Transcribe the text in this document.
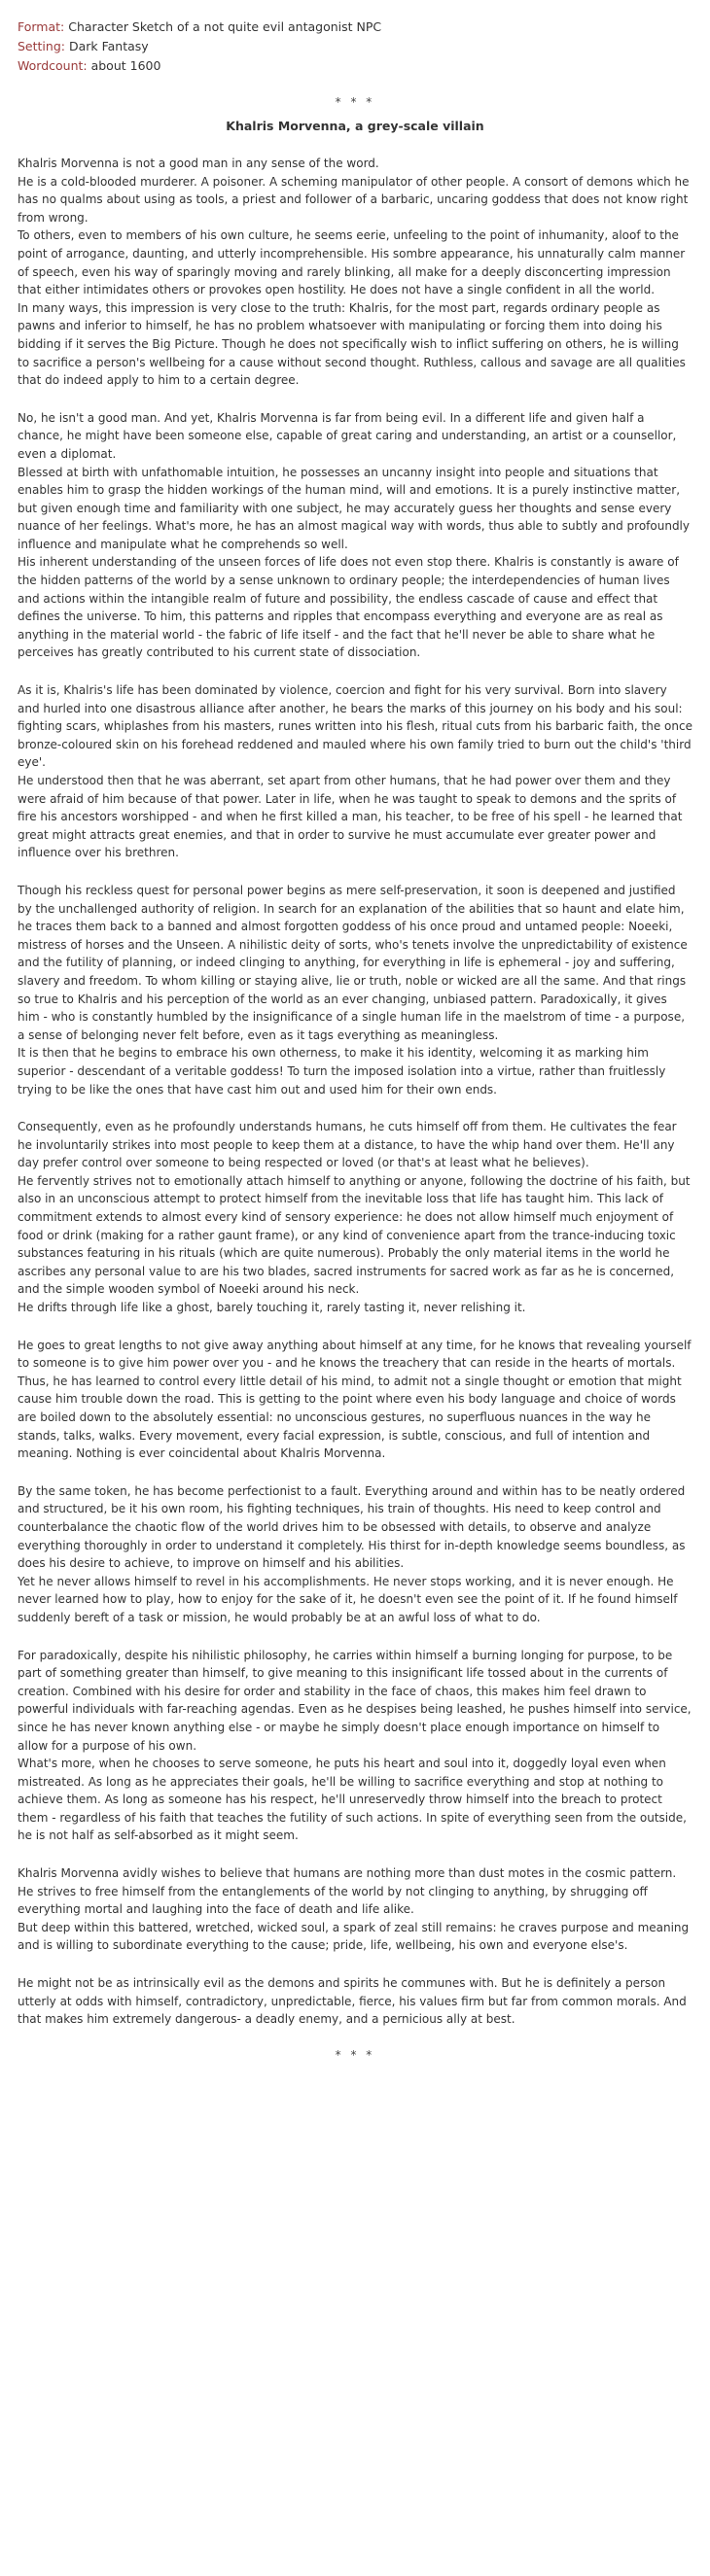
Format: Character Sketch of a not quite evil antagonist NPC
Setting: Dark Fantasy
Wordcount: about 1600
* * *
Khalris Morvenna, a grey-scale villain

Khalris Morvenna is not a good man in any sense of the word.

He is a cold-blooded murderer. A poisoner. A scheming manipulator of other people. A consort of demons which he has no qualms about using as tools, a priest and follower of a barbaric, uncaring goddess that does not know right from wrong.

To others, even to members of his own culture, he seems eerie, unfeeling to the point of inhumanity, aloof to the point of arrogance, daunting, and utterly incomprehensible. His sombre appearance, his unnaturally calm manner of speech, even his way of sparingly moving and rarely blinking, all make for a deeply disconcerting impression that either intimidates others or provokes open hostility. He does not have a single confident in all the world.

In many ways, this impression is very close to the truth: Khalris, for the most part, regards ordinary people as pawns and inferior to himself, he has no problem whatsoever with manipulating or forcing them into doing his bidding if it serves the Big Picture. Though he does not specifically wish to inflict suffering on others, he is willing to sacrifice a person's wellbeing for a cause without second thought. Ruthless, callous and savage are all qualities that do indeed apply to him to a certain degree.

No, he isn't a good man. And yet, Khalris Morvenna is far from being evil. In a different life and given half a chance, he might have been someone else, capable of great caring and understanding, an artist or a counsellor, even a diplomat.

Blessed at birth with unfathomable intuition, he possesses an uncanny insight into people and situations that enables him to grasp the hidden workings of the human mind, will and emotions. It is a purely instinctive matter, but given enough time and familiarity with one subject, he may accurately guess her thoughts and sense every nuance of her feelings. What's more, he has an almost magical way with words, thus able to subtly and profoundly influence and manipulate what he comprehends so well.

His inherent understanding of the unseen forces of life does not even stop there. Khalris is constantly is aware of the hidden patterns of the world by a sense unknown to ordinary people; the interdependencies of human lives and actions within the intangible realm of future and possibility, the endless cascade of cause and effect that defines the universe. To him, this patterns and ripples that encompass everything and everyone are as real as anything in the material world - the fabric of life itself - and the fact that he'll never be able to share what he perceives has greatly contributed to his current state of dissociation.

As it is, Khalris's life has been dominated by violence, coercion and fight for his very survival. Born into slavery and hurled into one disastrous alliance after another, he bears the marks of this journey on his body and his soul: fighting scars, whiplashes from his masters, runes written into his flesh, ritual cuts from his barbaric faith, the once bronze-coloured skin on his forehead reddened and mauled where his own family tried to burn out the child's 'third eye'.

He understood then that he was aberrant, set apart from other humans, that he had power over them and they were afraid of him because of that power. Later in life, when he was taught to speak to demons and the sprits of fire his ancestors worshipped - and when he first killed a man, his teacher, to be free of his spell - he learned that great might attracts great enemies, and that in order to survive he must accumulate ever greater power and influence over his brethren.

Though his reckless quest for personal power begins as mere self-preservation, it soon is deepened and justified by the unchallenged authority of religion. In search for an explanation of the abilities that so haunt and elate him, he traces them back to a banned and almost forgotten goddess of his once proud and untamed people: Noeeki, mistress of horses and the Unseen. A nihilistic deity of sorts, who's tenets involve the unpredictability of existence and the futility of planning, or indeed clinging to anything, for everything in life is ephemeral - joy and suffering, slavery and freedom. To whom killing or staying alive, lie or truth, noble or wicked are all the same. And that rings so true to Khalris and his perception of the world as an ever changing, unbiased pattern. Paradoxically, it gives him - who is constantly humbled by the insignificance of a single human life in the maelstrom of time - a purpose, a sense of belonging never felt before, even as it tags everything as meaningless.

It is then that he begins to embrace his own otherness, to make it his identity, welcoming it as marking him superior - descendant of a veritable goddess! To turn the imposed isolation into a virtue, rather than fruitlessly trying to be like the ones that have cast him out and used him for their own ends.

Consequently, even as he profoundly understands humans, he cuts himself off from them. He cultivates the fear he involuntarily strikes into most people to keep them at a distance, to have the whip hand over them. He'll any day prefer control over someone to being respected or loved (or that's at least what he believes).

He fervently strives not to emotionally attach himself to anything or anyone, following the doctrine of his faith, but also in an unconscious attempt to protect himself from the inevitable loss that life has taught him. This lack of commitment extends to almost every kind of sensory experience: he does not allow himself much enjoyment of food or drink (making for a rather gaunt frame), or any kind of convenience apart from the trance-inducing toxic substances featuring in his rituals (which are quite numerous). Probably the only material items in the world he ascribes any personal value to are his two blades, sacred instruments for sacred work as far as he is concerned, and the simple wooden symbol of Noeeki around his neck.

He drifts through life like a ghost, barely touching it, rarely tasting it, never relishing it.

He goes to great lengths to not give away anything about himself at any time, for he knows that revealing yourself to someone is to give him power over you - and he knows the treachery that can reside in the hearts of mortals. Thus, he has learned to control every little detail of his mind, to admit not a single thought or emotion that might cause him trouble down the road. This is getting to the point where even his body language and choice of words are boiled down to the absolutely essential: no unconscious gestures, no superfluous nuances in the way he stands, talks, walks. Every movement, every facial expression, is subtle, conscious, and full of intention and meaning. Nothing is ever coincidental about Khalris Morvenna.

By the same token, he has become perfectionist to a fault. Everything around and within has to be neatly ordered and structured, be it his own room, his fighting techniques, his train of thoughts. His need to keep control and counterbalance the chaotic flow of the world drives him to be obsessed with details, to observe and analyze everything thoroughly in order to understand it completely. His thirst for in-depth knowledge seems boundless, as does his desire to achieve, to improve on himself and his abilities.

Yet he never allows himself to revel in his accomplishments. He never stops working, and it is never enough. He never learned how to play, how to enjoy for the sake of it, he doesn't even see the point of it. If he found himself suddenly bereft of a task or mission, he would probably be at an awful loss of what to do.

For paradoxically, despite his nihilistic philosophy, he carries within himself a burning longing for purpose, to be part of something greater than himself, to give meaning to this insignificant life tossed about in the currents of creation. Combined with his desire for order and stability in the face of chaos, this makes him feel drawn to powerful individuals with far-reaching agendas. Even as he despises being leashed, he pushes himself into service, since he has never known anything else - or maybe he simply doesn't place enough importance on himself to allow for a purpose of his own.

What's more, when he chooses to serve someone, he puts his heart and soul into it, doggedly loyal even when mistreated. As long as he appreciates their goals, he'll be willing to sacrifice everything and stop at nothing to achieve them. As long as someone has his respect, he'll unreservedly throw himself into the breach to protect them - regardless of his faith that teaches the futility of such actions. In spite of everything seen from the outside, he is not half as self-absorbed as it might seem.

Khalris Morvenna avidly wishes to believe that humans are nothing more than dust motes in the cosmic pattern. He strives to free himself from the entanglements of the world by not clinging to anything, by shrugging off everything mortal and laughing into the face of death and life alike.

But deep within this battered, wretched, wicked soul, a spark of zeal still remains: he craves purpose and meaning and is willing to subordinate everything to the cause; pride, life, wellbeing, his own and everyone else's.

He might not be as intrinsically evil as the demons and spirits he communes with. But he is definitely a person utterly at odds with himself, contradictory, unpredictable, fierce, his values firm but far from common morals. And that makes him extremely dangerous- a deadly enemy, and a pernicious ally at best.

* * *
